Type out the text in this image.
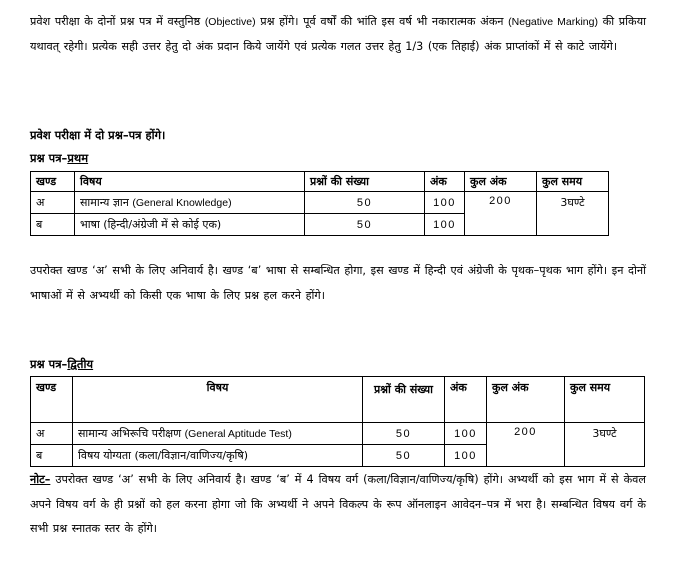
प्रवेश परीक्षा के दोनों प्रश्न पत्र में वस्तुनिष्ठ (Objective) प्रश्न होंगे। पूर्व वर्षों की भांति इस वर्ष भी नकारात्मक अंकन (Negative Marking) की प्रकिया यथावत् रहेगी। प्रत्येक सही उत्तर हेतु दो अंक प्रदान किये जायेंगे एवं प्रत्येक गलत उत्तर हेतु 1/3 (एक तिहाई) अंक प्राप्तांकों में से काटे जायेंगे।

प्रवेश परीक्षा में दो प्रश्न–पत्र होंगे।
प्रश्न पत्र–प्रथम
खण्ड	विषय	प्रश्नों की संख्या	अंक	कुल अंक	कुल समय
अ	सामान्य ज्ञान (General Knowledge)	50	100	200	3घण्टे
ब	भाषा (हिन्दी/अंग्रेजी में से कोई एक)	50	100		

उपरोक्त खण्ड ‘अ’ सभी के लिए अनिवार्य है। खण्ड ‘ब’ भाषा से सम्बन्धित होगा, इस खण्ड में हिन्दी एवं अंग्रेजी के पृथक–पृथक भाग होंगे। इन दोनों भाषाओं में से अभ्यर्थी को किसी एक भाषा के लिए प्रश्न हल करने होंगे।

प्रश्न पत्र–द्वितीय
खण्ड	विषय	प्रश्नों की संख्या	अंक	कुल अंक	कुल समय
अ	सामान्य अभिरूचि परीक्षण (General Aptitude Test)	50	100	200	3घण्टे
ब	विषय योग्यता (कला/विज्ञान/वाणिज्य/कृषि)	50	100		

नोट– उपरोक्त खण्ड ‘अ’ सभी के लिए अनिवार्य है। खण्ड ‘ब’ में 4 विषय वर्ग (कला/विज्ञान/वाणिज्य/कृषि) होंगे। अभ्यर्थी को इस भाग में से केवल अपने विषय वर्ग के ही प्रश्नों को हल करना होगा जो कि अभ्यर्थी ने अपने विकल्प के रूप ऑनलाइन आवेदन–पत्र में भरा है। सम्बन्धित विषय वर्ग के सभी प्रश्न स्नातक स्तर के होंगे।
